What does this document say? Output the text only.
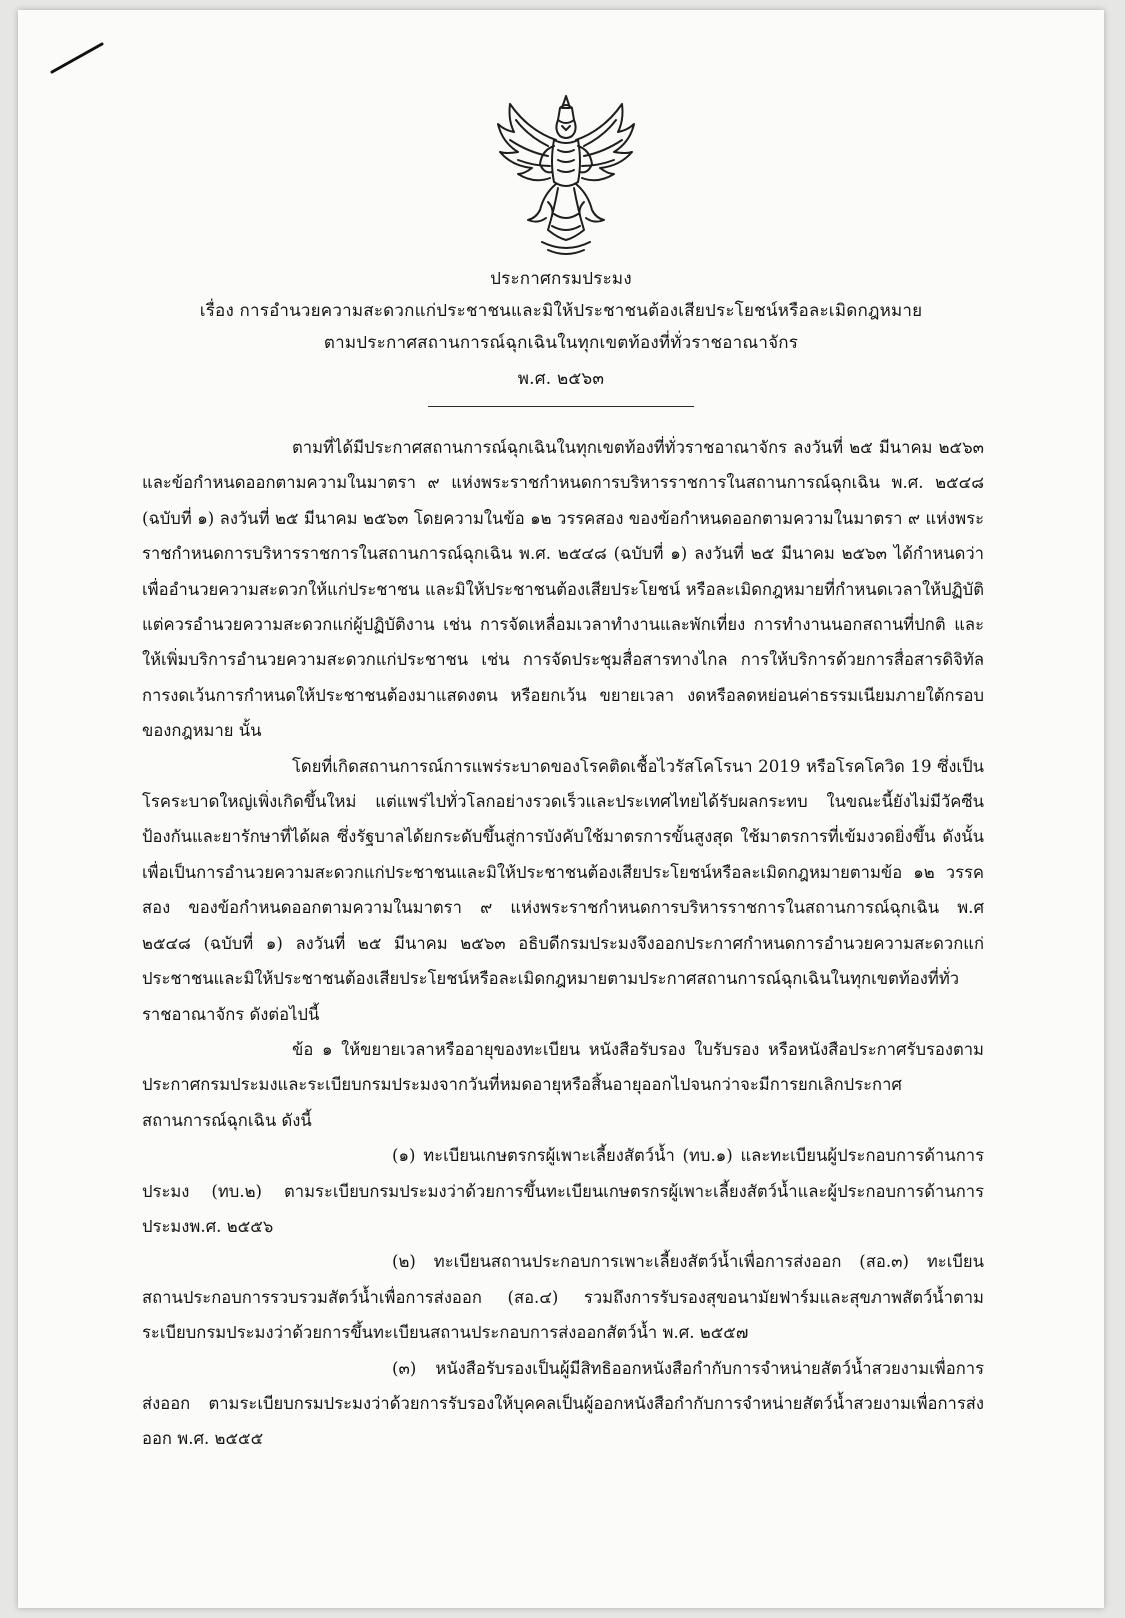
ประกาศกรมประมง
เรื่อง การอำนวยความสะดวกแก่ประชาชนและมิให้ประชาชนต้องเสียประโยชน์หรือละเมิดกฎหมาย
ตามประกาศสถานการณ์ฉุกเฉินในทุกเขตท้องที่ทั่วราชอาณาจักร
พ.ศ. ๒๕๖๓

ตามที่ได้มีประกาศสถานการณ์ฉุกเฉินในทุกเขตท้องที่ทั่วราชอาณาจักร ลงวันที่ ๒๕ มีนาคม ๒๕๖๓ และข้อกำหนดออกตามความในมาตรา ๙ แห่งพระราชกำหนดการบริหารราชการในสถานการณ์ฉุกเฉิน พ.ศ. ๒๕๔๘ (ฉบับที่ ๑) ลงวันที่ ๒๕ มีนาคม ๒๕๖๓ โดยความในข้อ ๑๒ วรรคสอง ของข้อกำหนดออกตามความในมาตรา ๙ แห่งพระราชกำหนดการบริหารราชการในสถานการณ์ฉุกเฉิน พ.ศ. ๒๕๔๘ (ฉบับที่ ๑) ลงวันที่ ๒๕ มีนาคม ๒๕๖๓ ได้กำหนดว่า เพื่ออำนวยความสะดวกให้แก่ประชาชน และมิให้ประชาชนต้องเสียประโยชน์ หรือละเมิดกฎหมายที่กำหนดเวลาให้ปฏิบัติ แต่ควรอำนวยความสะดวกแก่ผู้ปฏิบัติงาน เช่น การจัดเหลื่อมเวลาทำงานและพักเที่ยง การทำงานนอกสถานที่ปกติ และให้เพิ่มบริการอำนวยความสะดวกแก่ประชาชน เช่น การจัดประชุมสื่อสารทางไกล การให้บริการด้วยการสื่อสารดิจิทัล การงดเว้นการกำหนดให้ประชาชนต้องมาแสดงตน หรือยกเว้น ขยายเวลา งดหรือลดหย่อนค่าธรรมเนียมภายใต้กรอบของกฎหมาย นั้น

โดยที่เกิดสถานการณ์การแพร่ระบาดของโรคติดเชื้อไวรัสโคโรนา 2019 หรือโรคโควิด 19 ซึ่งเป็นโรคระบาดใหญ่เพิ่งเกิดขึ้นใหม่ แต่แพร่ไปทั่วโลกอย่างรวดเร็วและประเทศไทยได้รับผลกระทบ ในขณะนี้ยังไม่มีวัคซีนป้องกันและยารักษาที่ได้ผล ซึ่งรัฐบาลได้ยกระดับขึ้นสู่การบังคับใช้มาตรการขั้นสูงสุด ใช้มาตรการที่เข้มงวดยิ่งขึ้น ดังนั้น เพื่อเป็นการอำนวยความสะดวกแก่ประชาชนและมิให้ประชาชนต้องเสียประโยชน์หรือละเมิดกฎหมายตามข้อ ๑๒ วรรคสอง ของข้อกำหนดออกตามความในมาตรา ๙ แห่งพระราชกำหนดการบริหารราชการในสถานการณ์ฉุกเฉิน พ.ศ ๒๕๔๘ (ฉบับที่ ๑) ลงวันที่ ๒๕ มีนาคม ๒๕๖๓ อธิบดีกรมประมงจึงออกประกาศกำหนดการอำนวยความสะดวกแก่ประชาชนและมิให้ประชาชนต้องเสียประโยชน์หรือละเมิดกฎหมายตามประกาศสถานการณ์ฉุกเฉินในทุกเขตท้องที่ทั่วราชอาณาจักร ดังต่อไปนี้

ข้อ ๑ ให้ขยายเวลาหรืออายุของทะเบียน หนังสือรับรอง ใบรับรอง หรือหนังสือประกาศรับรองตามประกาศกรมประมงและระเบียบกรมประมงจากวันที่หมดอายุหรือสิ้นอายุออกไปจนกว่าจะมีการยกเลิกประกาศสถานการณ์ฉุกเฉิน ดังนี้

(๑) ทะเบียนเกษตรกรผู้เพาะเลี้ยงสัตว์น้ำ (ทบ.๑) และทะเบียนผู้ประกอบการด้านการประมง (ทบ.๒) ตามระเบียบกรมประมงว่าด้วยการขึ้นทะเบียนเกษตรกรผู้เพาะเลี้ยงสัตว์น้ำและผู้ประกอบการด้านการประมงพ.ศ. ๒๕๕๖

(๒) ทะเบียนสถานประกอบการเพาะเลี้ยงสัตว์น้ำเพื่อการส่งออก (สอ.๓) ทะเบียนสถานประกอบการรวบรวมสัตว์น้ำเพื่อการส่งออก (สอ.๔) รวมถึงการรับรองสุขอนามัยฟาร์มและสุขภาพสัตว์น้ำตามระเบียบกรมประมงว่าด้วยการขึ้นทะเบียนสถานประกอบการส่งออกสัตว์น้ำ พ.ศ. ๒๕๕๗

(๓) หนังสือรับรองเป็นผู้มีสิทธิออกหนังสือกำกับการจำหน่ายสัตว์น้ำสวยงามเพื่อการส่งออก ตามระเบียบกรมประมงว่าด้วยการรับรองให้บุคคลเป็นผู้ออกหนังสือกำกับการจำหน่ายสัตว์น้ำสวยงามเพื่อการส่งออก พ.ศ. ๒๕๕๕
